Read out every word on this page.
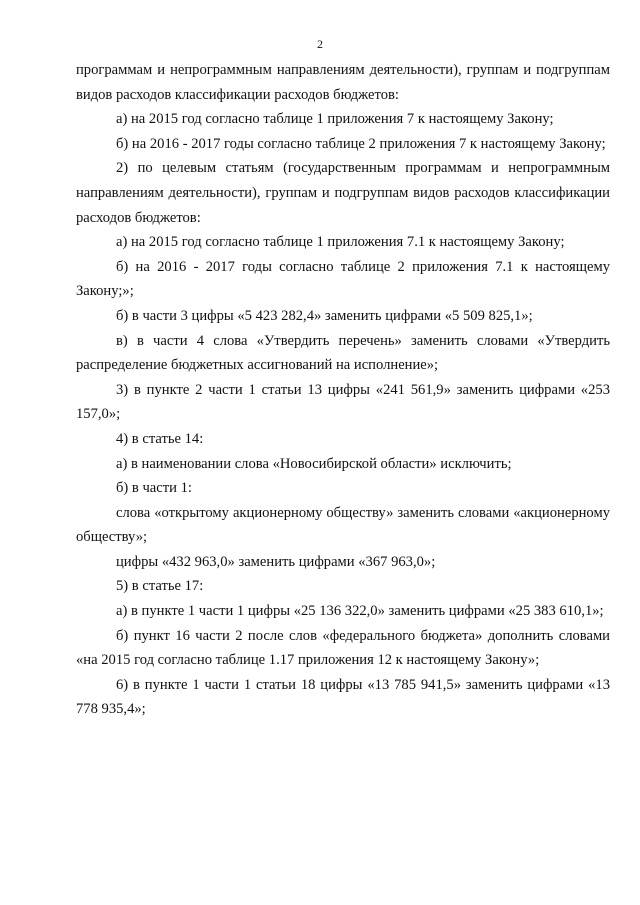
2

программам и непрограммным направлениям деятельности), группам и подгруппам видов расходов классификации расходов бюджетов:

а) на 2015 год согласно таблице 1 приложения 7 к настоящему Закону;

б) на 2016 - 2017 годы согласно таблице 2 приложения 7 к настоящему Закону;

2) по целевым статьям (государственным программам и непрограммным направлениям деятельности), группам и подгруппам видов расходов классификации расходов бюджетов:

а) на 2015 год согласно таблице 1 приложения 7.1 к настоящему Закону;

б) на 2016 - 2017 годы согласно таблице 2 приложения 7.1 к настоящему Закону;»;

б) в части 3 цифры «5 423 282,4» заменить цифрами «5 509 825,1»;

в) в части 4 слова «Утвердить перечень» заменить словами «Утвердить распределение бюджетных ассигнований на исполнение»;

3) в пункте 2 части 1 статьи 13 цифры «241 561,9» заменить цифрами «253 157,0»;

4) в статье 14:

а) в наименовании слова «Новосибирской области» исключить;

б) в части 1:

слова «открытому акционерному обществу» заменить словами «акционерному обществу»;

цифры «432 963,0» заменить цифрами «367 963,0»;

5) в статье 17:

а) в пункте 1 части 1 цифры «25 136 322,0» заменить цифрами «25 383 610,1»;

б) пункт 16 части 2 после слов «федерального бюджета» дополнить словами «на 2015 год согласно таблице 1.17 приложения 12 к настоящему Закону»;

6) в пункте 1 части 1 статьи 18 цифры «13 785 941,5» заменить цифрами «13 778 935,4»;
